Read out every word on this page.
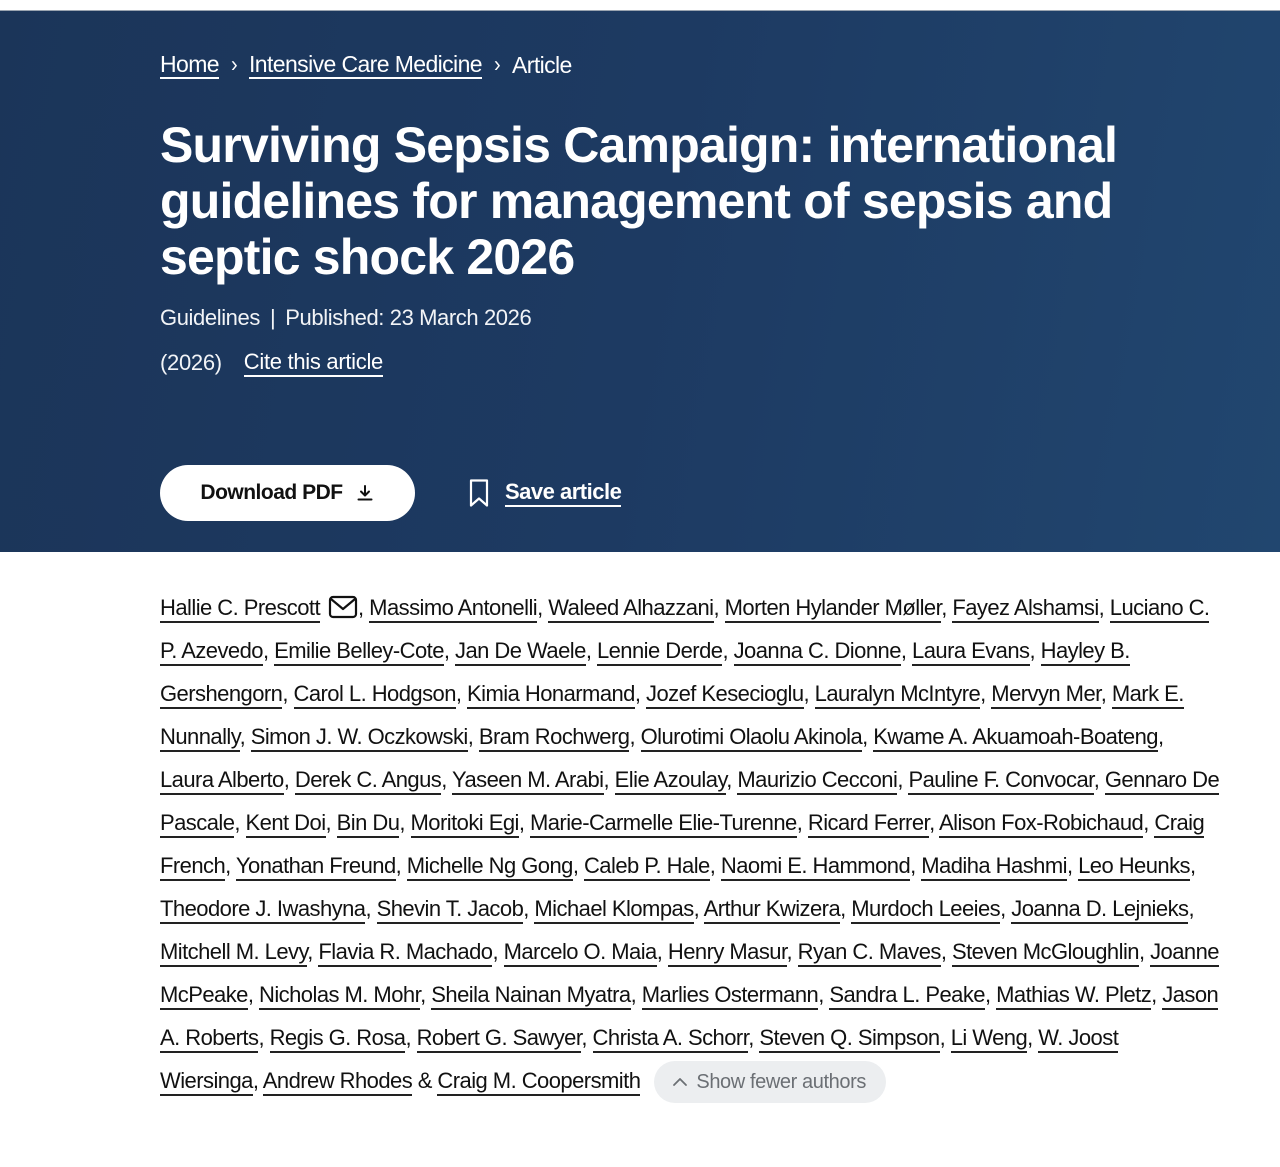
Home › Intensive Care Medicine › Article
Surviving Sepsis Campaign: international guidelines for management of sepsis and septic shock 2026
Guidelines | Published: 23 March 2026
(2026) Cite this article
Download PDF	Save article
Hallie C. Prescott , Massimo Antonelli, Waleed Alhazzani, Morten Hylander Møller, Fayez Alshamsi, Luciano C. P. Azevedo, Emilie Belley-Cote, Jan De Waele, Lennie Derde, Joanna C. Dionne, Laura Evans, Hayley B. Gershengorn, Carol L. Hodgson, Kimia Honarmand, Jozef Kesecioglu, Lauralyn McIntyre, Mervyn Mer, Mark E. Nunnally, Simon J. W. Oczkowski, Bram Rochwerg, Olurotimi Olaolu Akinola, Kwame A. Akuamoah-Boateng, Laura Alberto, Derek C. Angus, Yaseen M. Arabi, Elie Azoulay, Maurizio Cecconi, Pauline F. Convocar, Gennaro De Pascale, Kent Doi, Bin Du, Moritoki Egi, Marie-Carmelle Elie-Turenne, Ricard Ferrer, Alison Fox-Robichaud, Craig French, Yonathan Freund, Michelle Ng Gong, Caleb P. Hale, Naomi E. Hammond, Madiha Hashmi, Leo Heunks, Theodore J. Iwashyna, Shevin T. Jacob, Michael Klompas, Arthur Kwizera, Murdoch Leeies, Joanna D. Lejnieks, Mitchell M. Levy, Flavia R. Machado, Marcelo O. Maia, Henry Masur, Ryan C. Maves, Steven McGloughlin, Joanne McPeake, Nicholas M. Mohr, Sheila Nainan Myatra, Marlies Ostermann, Sandra L. Peake, Mathias W. Pletz, Jason A. Roberts, Regis G. Rosa, Robert G. Sawyer, Christa A. Schorr, Steven Q. Simpson, Li Weng, W. Joost Wiersinga, Andrew Rhodes & Craig M. Coopersmith	Show fewer authors
